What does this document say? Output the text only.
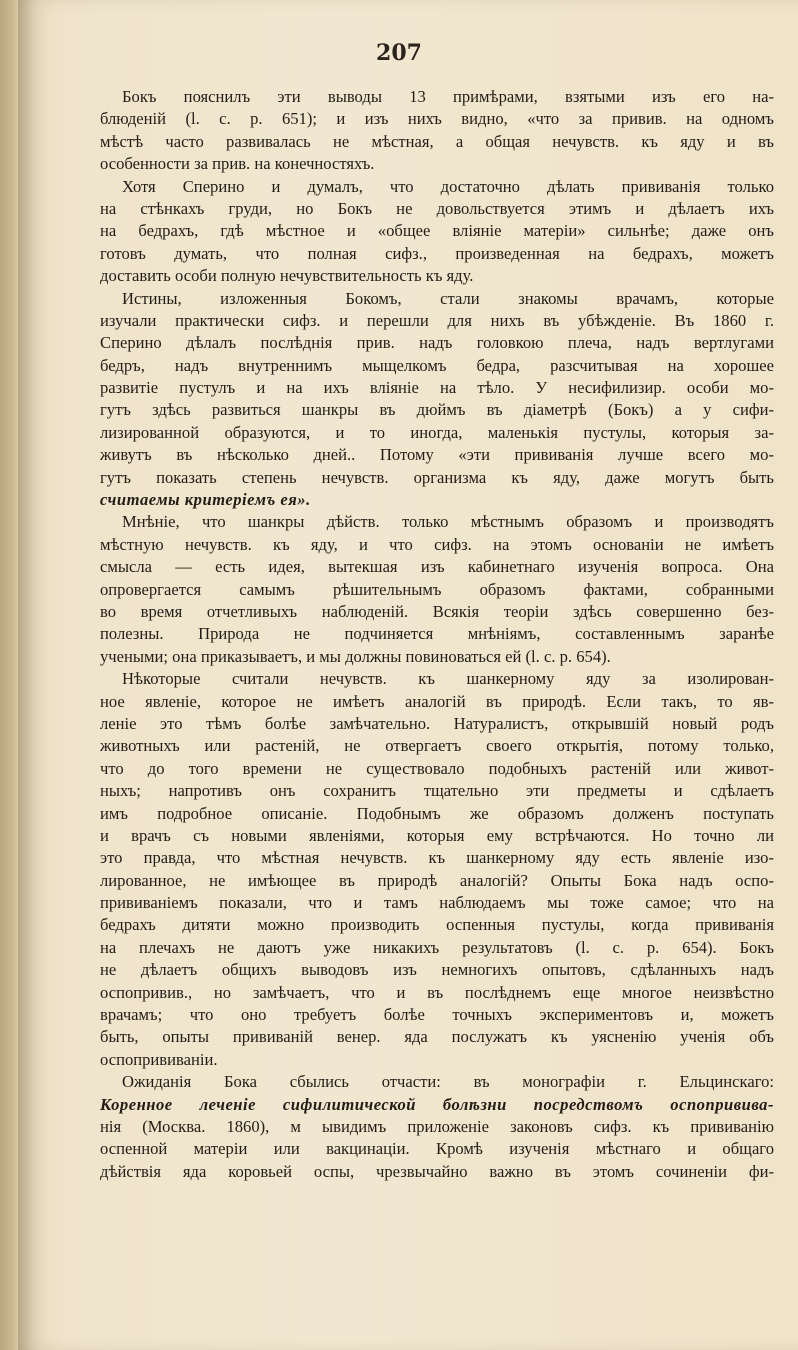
207
Бокъ пояснилъ эти выводы 13 примѣрами, взятыми изъ его на-
блюденій (l. c. p. 651); и изъ нихъ видно, «что за привив. на одномъ
мѣстѣ часто развивалась не мѣстная, а общая нечувств. къ яду и въ
особенности за прив. на конечностяхъ.
Хотя Сперино и думалъ, что достаточно дѣлать прививанія только
на стѣнкахъ груди, но Бокъ не довольствуется этимъ и дѣлаетъ ихъ
на бедрахъ, гдѣ мѣстное и «общее вліяніе матеріи» сильнѣе; даже онъ
готовъ думать, что полная сифз., произведенная на бедрахъ, можетъ
доставить особи полную нечувствительность къ яду.
Истины, изложенныя Бокомъ, стали знакомы врачамъ, которые
изучали практически сифз. и перешли для нихъ въ убѣжденіе. Въ 1860 г.
Сперино дѣлалъ послѣднія прив. надъ головкою плеча, надъ вертлугами
бедръ, надъ внутреннимъ мыщелкомъ бедра, разсчитывая на хорошее
развитіе пустулъ и на ихъ вліяніе на тѣло. У несифилизир. особи мо-
гутъ здѣсь развиться шанкры въ дюймъ въ діаметрѣ (Бокъ) а у сифи-
лизированной образуются, и то иногда, маленькія пустулы, которыя за-
живутъ въ нѣсколько дней.. Потому «эти прививанія лучше всего мо-
гутъ показать степень нечувств. организма къ яду, даже могутъ быть
считаемы критеріемъ ея».
Мнѣніе, что шанкры дѣйств. только мѣстнымъ образомъ и производятъ
мѣстную нечувств. къ яду, и что сифз. на этомъ основаніи не имѣетъ
смысла — есть идея, вытекшая изъ кабинетнаго изученія вопроса. Она
опровергается самымъ рѣшительнымъ образомъ фактами, собранными
во время отчетливыхъ наблюденій. Всякія теоріи здѣсь совершенно без-
полезны. Природа не подчиняется мнѣніямъ, составленнымъ заранѣе
учеными; она приказываетъ, и мы должны повиноваться ей (l. c. p. 654).
Нѣкоторые считали нечувств. къ шанкерному яду за изолирован-
ное явленіе, которое не имѣетъ аналогій въ природѣ. Если такъ, то яв-
леніе это тѣмъ болѣе замѣчательно. Натуралистъ, открывшій новый родъ
животныхъ или растеній, не отвергаетъ своего открытія, потому только,
что до того времени не существовало подобныхъ растеній или живот-
ныхъ; напротивъ онъ сохранитъ тщательно эти предметы и сдѣлаетъ
имъ подробное описаніе. Подобнымъ же образомъ долженъ поступать
и врачъ съ новыми явленіями, которыя ему встрѣчаются. Но точно ли
это правда, что мѣстная нечувств. къ шанкерному яду есть явленіе изо-
лированное, не имѣющее въ природѣ аналогій? Опыты Бока надъ оспо-
прививаніемъ показали, что и тамъ наблюдаемъ мы тоже самое; что на
бедрахъ дитяти можно производить оспенныя пустулы, когда прививанія
на плечахъ не даютъ уже никакихъ результатовъ (l. c. p. 654). Бокъ
не дѣлаетъ общихъ выводовъ изъ немногихъ опытовъ, сдѣланныхъ надъ
оспопривив., но замѣчаетъ, что и въ послѣднемъ еще многое неизвѣстно
врачамъ; что оно требуетъ болѣе точныхъ экспериментовъ и, можетъ
быть, опыты прививаній венер. яда послужатъ къ уясненію ученія объ
оспопрививаніи.
Ожиданія Бока сбылись отчасти: въ монографіи г. Ельцинскаго:
Коренное леченіе сифилитической болѣзни посредствомъ оспопривива-
нія (Москва. 1860), м ывидимъ приложеніе законовъ сифз. къ прививанію
оспенной матеріи или вакцинаціи. Кромѣ изученія мѣстнаго и общаго
дѣйствія яда коровьей оспы, чрезвычайно важно въ этомъ сочиненіи фи-
